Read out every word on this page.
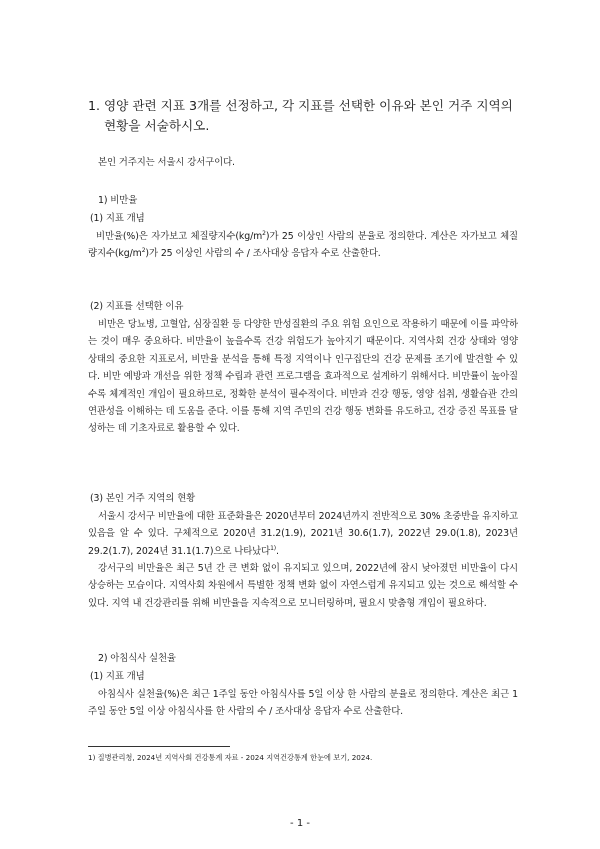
1. 영양 관련 지표 3개를 선정하고, 각 지표를 선택한 이유와 본인 거주 지역의 현황을 서술하시오.
본인 거주지는 서울시 강서구이다.
1) 비만율
(1) 지표 개념
비만율(%)은 자가보고 체질량지수$(kg/m^2)$가 25 이상인 사람의 분율로 정의한다. 계산은 자가보고 체질량지수$(kg/m^2)$가 25 이상인 사람의 수 / 조사대상 응답자 수로 산출한다.
(2) 지표를 선택한 이유
비만은 당뇨병, 고혈압, 심장질환 등 다양한 만성질환의 주요 위험 요인으로 작용하기 때문에 이를 파악하는 것이 매우 중요하다. 비만율이 높을수록 건강 위험도가 높아지기 때문이다. 지역사회 건강 상태와 영양 상태의 중요한 지표로서, 비만율 분석을 통해 특정 지역이나 인구집단의 건강 문제를 조기에 발견할 수 있다. 비만 예방과 개선을 위한 정책 수립과 관련 프로그램을 효과적으로 설계하기 위해서다. 비만률이 높아질수록 체계적인 개입이 필요하므로, 정확한 분석이 필수적이다. 비만과 건강 행동, 영양 섭취, 생활습관 간의 연관성을 이해하는 데 도움을 준다. 이를 통해 지역 주민의 건강 행동 변화를 유도하고, 건강 증진 목표를 달성하는 데 기초자료로 활용할 수 있다.
(3) 본인 거주 지역의 현황
서울시 강서구 비만율에 대한 표준화율은 2020년부터 2024년까지 전반적으로 30% 초중반을 유지하고 있음을 알 수 있다. 구체적으로 2020년 31.2(1.9), 2021년 30.6(1.7), 2022년 29.0(1.8), 2023년 29.2(1.7), 2024년 31.1(1.7)으로 나타났다$^{1)}$.
강서구의 비만율은 최근 5년 간 큰 변화 없이 유지되고 있으며, 2022년에 잠시 낮아졌던 비만율이 다시 상승하는 모습이다. 지역사회 차원에서 특별한 정책 변화 없이 자연스럽게 유지되고 있는 것으로 해석할 수 있다. 지역 내 건강관리를 위해 비만율을 지속적으로 모니터링하며, 필요시 맞춤형 개입이 필요하다.
2) 아침식사 실천율
(1) 지표 개념
아침식사 실천율(%)은 최근 1주일 동안 아침식사를 5일 이상 한 사람의 분율로 정의한다. 계산은 최근 1주일 동안 5일 이상 아침식사를 한 사람의 수 / 조사대상 응답자 수로 산출한다.
1) 질병관리청, 2024년 지역사회 건강통계 자료 - 2024 지역건강통계 한눈에 보기, 2024.
- 1 -
